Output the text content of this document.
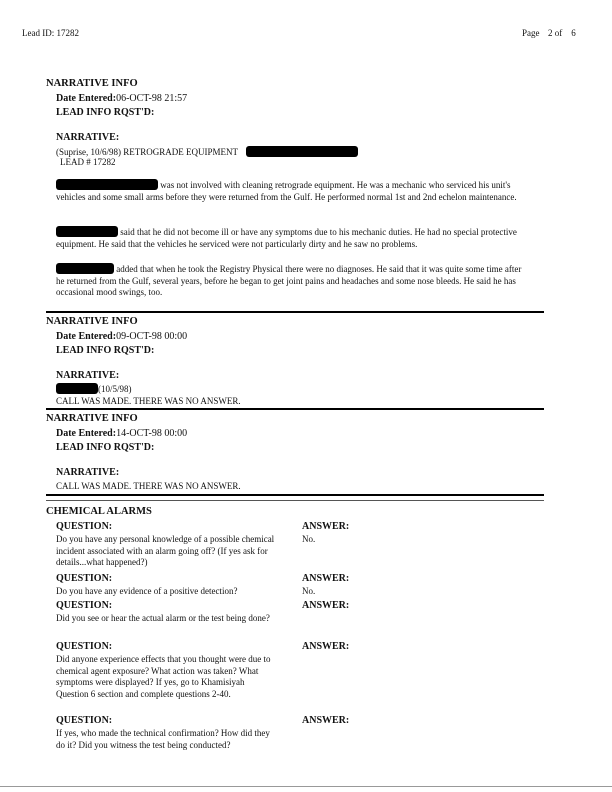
Lead ID: 17282	Page 2 of 6
NARRATIVE INFO
Date Entered:06-OCT-98 21:57
LEAD INFO RQST'D:
NARRATIVE:
(Suprise, 10/6/98) RETROGRADE EQUIPMENT
LEAD # 17282
was not involved with cleaning retrograde equipment. He was a mechanic who serviced his unit's vehicles and some small arms before they were returned from the Gulf. He performed normal 1st and 2nd echelon maintenance.
said that he did not become ill or have any symptoms due to his mechanic duties. He had no special protective equipment. He said that the vehicles he serviced were not particularly dirty and he saw no problems.
added that when he took the Registry Physical there were no diagnoses. He said that it was quite some time after he returned from the Gulf, several years, before he began to get joint pains and headaches and some nose bleeds. He said he has occasional mood swings, too.
NARRATIVE INFO
Date Entered:09-OCT-98 00:00
LEAD INFO RQST'D:
NARRATIVE:
(10/5/98)
CALL WAS MADE. THERE WAS NO ANSWER.
NARRATIVE INFO
Date Entered:14-OCT-98 00:00
LEAD INFO RQST'D:
NARRATIVE:
CALL WAS MADE. THERE WAS NO ANSWER.
CHEMICAL ALARMS
QUESTION:	ANSWER:
Do you have any personal knowledge of a possible chemical incident associated with an alarm going off? (If yes ask for details...what happened?)
No.
QUESTION:	ANSWER:
Do you have any evidence of a positive detection?	No.
QUESTION:	ANSWER:
Did you see or hear the actual alarm or the test being done?
QUESTION:	ANSWER:
Did anyone experience effects that you thought were due to chemical agent exposure? What action was taken? What symptoms were displayed? If yes, go to Khamisiyah Question 6 section and complete questions 2-40.
QUESTION:	ANSWER:
If yes, who made the technical confirmation? How did they do it? Did you witness the test being conducted?
